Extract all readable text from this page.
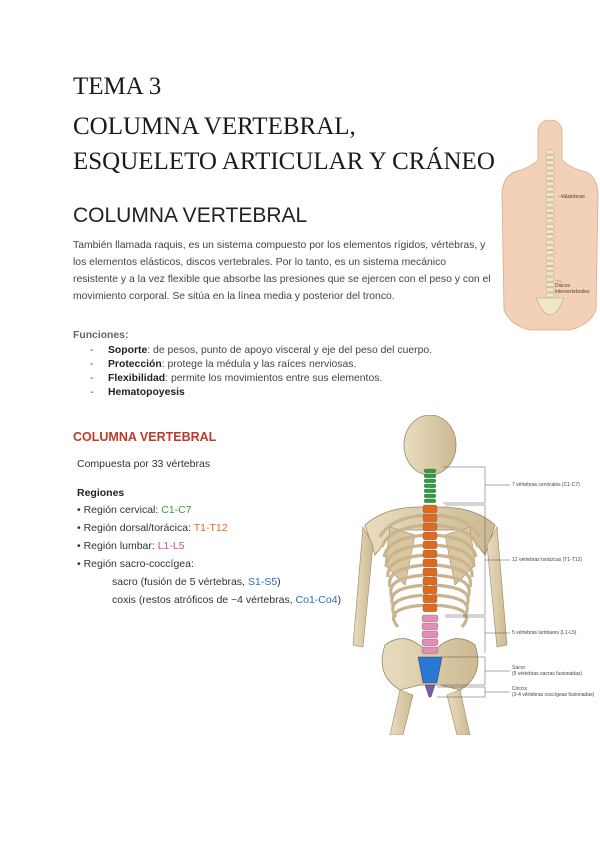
TEMA 3
COLUMNA VERTEBRAL,
ESQUELETO ARTICULAR Y CRÁNEO
COLUMNA VERTEBRAL

También llamada raquis, es un sistema compuesto por los elementos rígidos, vértebras, y los elementos elásticos, discos vertebrales. Por lo tanto, es un sistema mecánico resistente y a la vez flexible que absorbe las presiones que se ejercen con el peso y con el movimiento corporal. Se sitúa en la línea media y posterior del tronco.

Vértebras
Discos intervertebrales
Funciones:
- Soporte: de pesos, punto de apoyo visceral y eje del peso del cuerpo.
- Protección: protege la médula y las raíces nerviosas.
- Flexibilidad: permite los movimientos entre sus elementos.
- Hematopoyesis
COLUMNA VERTEBRAL
Compuesta por 33 vértebras
Regiones
• Región cervical: C1-C7
• Región dorsal/torácica: T1-T12
• Región lumbar: L1-L5
• Región sacro-coccígea:
sacro (fusión de 5 vértebras, S1-S5)
coxis (restos atróficos de ~4 vértebras, Co1-Co4)
7 vértebras cervicales (C1-C7)
12 vértebras torácicas (T1-T12)
5 vértebras lumbares (L1-L5)
Sacro
(5 vértebras sacras fusionadas)
Cóccix
(3-4 vértebras coccígeas fusionadas)
